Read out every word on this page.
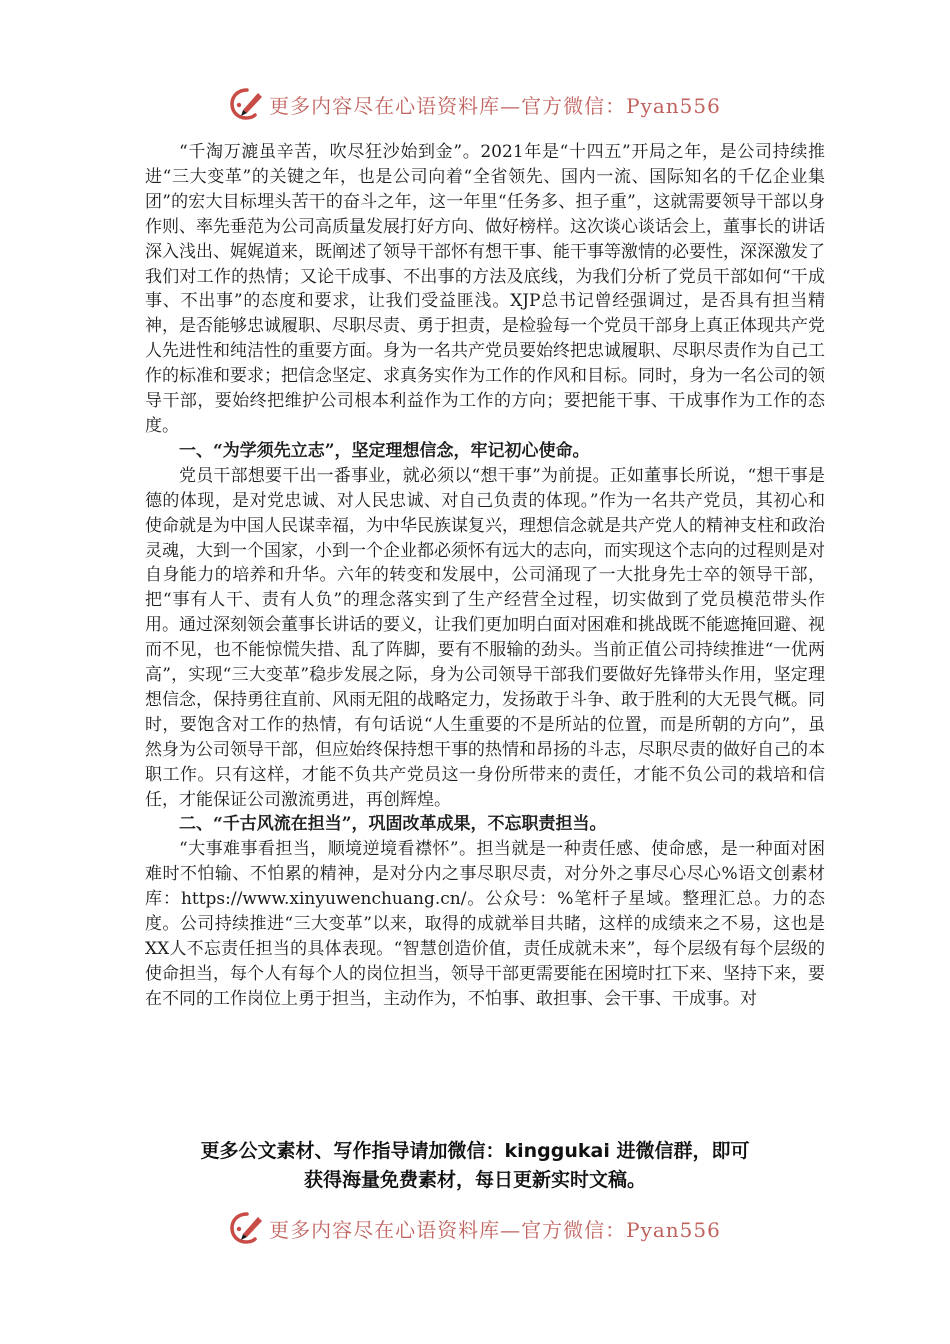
更多内容尽在心语资料库—官方微信：Pyan556

“千淘万漉虽辛苦，吹尽狂沙始到金”。2021年是“十四五”开局之年，是公司持续推进“三大变革”的关键之年，也是公司向着“全省领先、国内一流、国际知名的千亿企业集团”的宏大目标埋头苦干的奋斗之年，这一年里“任务多、担子重”，这就需要领导干部以身作则、率先垂范为公司高质量发展打好方向、做好榜样。这次谈心谈话会上，董事长的讲话深入浅出、娓娓道来，既阐述了领导干部怀有想干事、能干事等激情的必要性，深深激发了我们对工作的热情；又论干成事、不出事的方法及底线，为我们分析了党员干部如何“干成事、不出事”的态度和要求，让我们受益匪浅。XJP总书记曾经强调过，是否具有担当精神，是否能够忠诚履职、尽职尽责、勇于担责，是检验每一个党员干部身上真正体现共产党人先进性和纯洁性的重要方面。身为一名共产党员要始终把忠诚履职、尽职尽责作为自己工作的标准和要求；把信念坚定、求真务实作为工作的作风和目标。同时，身为一名公司的领导干部，要始终把维护公司根本利益作为工作的方向；要把能干事、干成事作为工作的态度。

一、“为学须先立志”，坚定理想信念，牢记初心使命。

党员干部想要干出一番事业，就必须以“想干事”为前提。正如董事长所说，“想干事是德的体现，是对党忠诚、对人民忠诚、对自己负责的体现。”作为一名共产党员，其初心和使命就是为中国人民谋幸福，为中华民族谋复兴，理想信念就是共产党人的精神支柱和政治灵魂，大到一个国家，小到一个企业都必须怀有远大的志向，而实现这个志向的过程则是对自身能力的培养和升华。六年的转变和发展中，公司涌现了一大批身先士卒的领导干部，把“事有人干、责有人负”的理念落实到了生产经营全过程，切实做到了党员模范带头作用。通过深刻领会董事长讲话的要义，让我们更加明白面对困难和挑战既不能遮掩回避、视而不见，也不能惊慌失措、乱了阵脚，要有不服输的劲头。当前正值公司持续推进“一优两高”，实现“三大变革”稳步发展之际，身为公司领导干部我们要做好先锋带头作用，坚定理想信念，保持勇往直前、风雨无阻的战略定力，发扬敢于斗争、敢于胜利的大无畏气概。同时，要饱含对工作的热情，有句话说“人生重要的不是所站的位置，而是所朝的方向”，虽然身为公司领导干部，但应始终保持想干事的热情和昂扬的斗志，尽职尽责的做好自己的本职工作。只有这样，才能不负共产党员这一身份所带来的责任，才能不负公司的栽培和信任，才能保证公司激流勇进，再创辉煌。

二、“千古风流在担当”，巩固改革成果，不忘职责担当。

“大事难事看担当，顺境逆境看襟怀”。担当就是一种责任感、使命感，是一种面对困难时不怕输、不怕累的精神，是对分内之事尽职尽责，对分外之事尽心尽心%语文创素材库：https://www.xinyuwenchuang.cn/。公众号：%笔杆子星域。整理汇总。力的态度。公司持续推进“三大变革”以来，取得的成就举目共睹，这样的成绩来之不易，这也是XX人不忘责任担当的具体表现。“智慧创造价值，责任成就未来”，每个层级有每个层级的使命担当，每个人有每个人的岗位担当，领导干部更需要能在困境时扛下来、坚持下来，要在不同的工作岗位上勇于担当，主动作为，不怕事、敢担事、会干事、干成事。对

更多公文素材、写作指导请加微信：kinggukai 进微信群，即可
获得海量免费素材，每日更新实时文稿。
更多内容尽在心语资料库—官方微信：Pyan556
